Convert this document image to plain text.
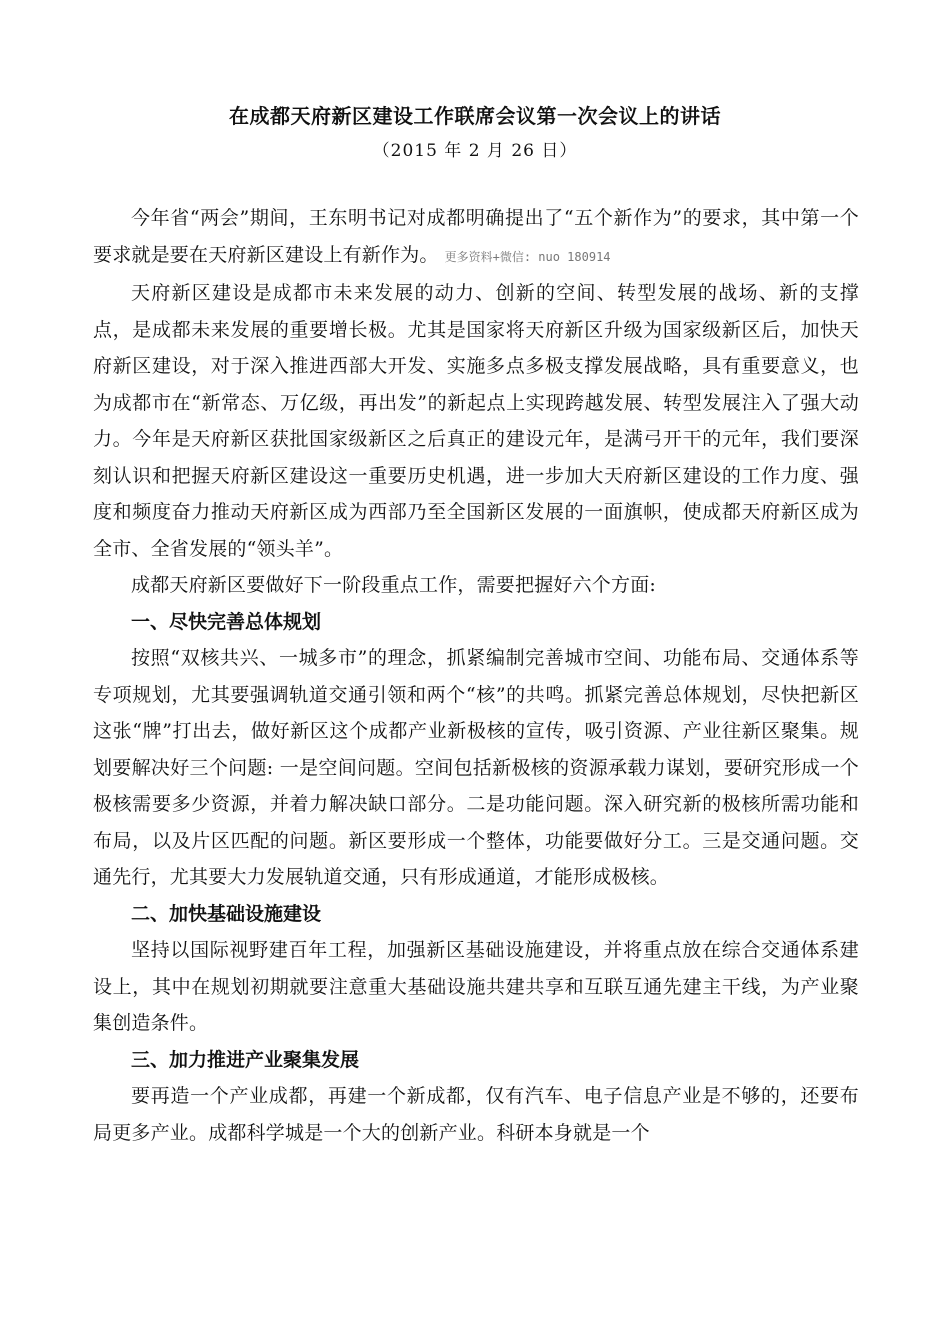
在成都天府新区建设工作联席会议第一次会议上的讲话
（2015 年 2 月 26 日）

今年省“两会”期间，王东明书记对成都明确提出了“五个新作为”的要求，其中第一个要求就是要在天府新区建设上有新作为。 更多资料+微信: nuo 180914

天府新区建设是成都市未来发展的动力、创新的空间、转型发展的战场、新的支撑点，是成都未来发展的重要增长极。尤其是国家将天府新区升级为国家级新区后，加快天府新区建设，对于深入推进西部大开发、实施多点多极支撑发展战略，具有重要意义，也为成都市在“新常态、万亿级，再出发”的新起点上实现跨越发展、转型发展注入了强大动力。今年是天府新区获批国家级新区之后真正的建设元年，是满弓开干的元年，我们要深刻认识和把握天府新区建设这一重要历史机遇，进一步加大天府新区建设的工作力度、强度和频度奋力推动天府新区成为西部乃至全国新区发展的一面旗帜，使成都天府新区成为全市、全省发展的“领头羊”。

成都天府新区要做好下一阶段重点工作，需要把握好六个方面:

一、尽快完善总体规划

按照“双核共兴、一城多市”的理念，抓紧编制完善城市空间、功能布局、交通体系等专项规划，尤其要强调轨道交通引领和两个“核”的共鸣。抓紧完善总体规划，尽快把新区这张“牌”打出去，做好新区这个成都产业新极核的宣传，吸引资源、产业往新区聚集。规划要解决好三个问题: 一是空间问题。空间包括新极核的资源承载力谋划，要研究形成一个极核需要多少资源，并着力解决缺口部分。二是功能问题。深入研究新的极核所需功能和布局，以及片区匹配的问题。新区要形成一个整体，功能要做好分工。三是交通问题。交通先行，尤其要大力发展轨道交通，只有形成通道，才能形成极核。

二、加快基础设施建设

坚持以国际视野建百年工程，加强新区基础设施建设，并将重点放在综合交通体系建设上，其中在规划初期就要注意重大基础设施共建共享和互联互通先建主干线，为产业聚集创造条件。

三、加力推进产业聚集发展

要再造一个产业成都，再建一个新成都，仅有汽车、电子信息产业是不够的，还要布局更多产业。成都科学城是一个大的创新产业。科研本身就是一个
